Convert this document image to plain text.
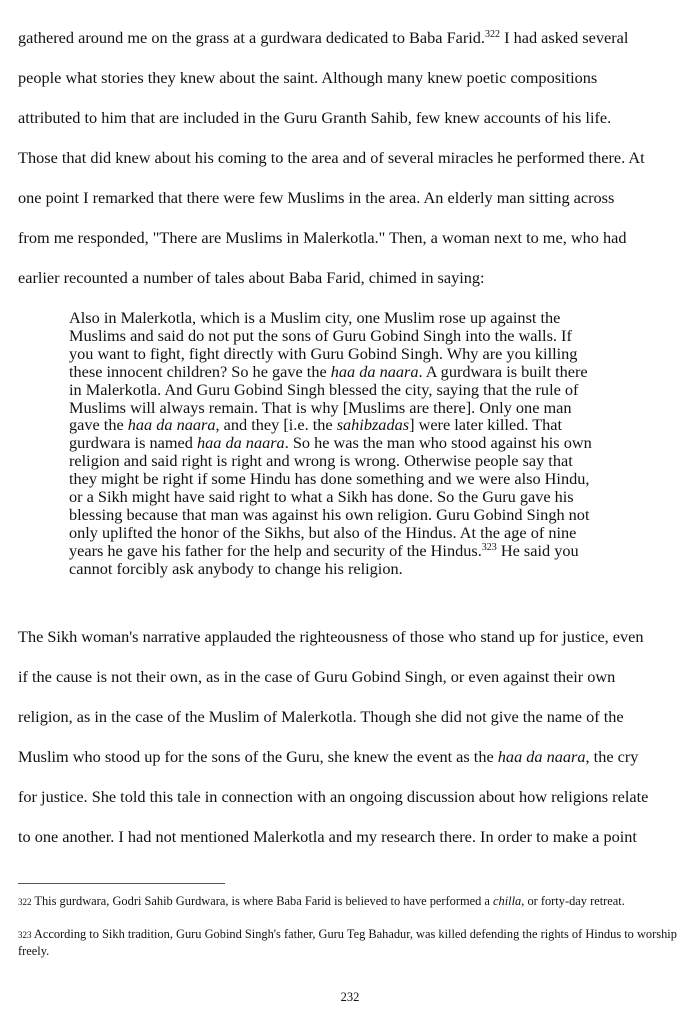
gathered around me on the grass at a gurdwara dedicated to Baba Farid.$^{322}$ I had asked several
people what stories they knew about the saint. Although many knew poetic compositions
attributed to him that are included in the Guru Granth Sahib, few knew accounts of his life.
Those that did knew about his coming to the area and of several miracles he performed there. At
one point I remarked that there were few Muslims in the area. An elderly man sitting across
from me responded, "There are Muslims in Malerkotla." Then, a woman next to me, who had
earlier recounted a number of tales about Baba Farid, chimed in saying:
Also in Malerkotla, which is a Muslim city, one Muslim rose up against the
Muslims and said do not put the sons of Guru Gobind Singh into the walls. If
you want to fight, fight directly with Guru Gobind Singh. Why are you killing
these innocent children? So he gave the haa da naara. A gurdwara is built there
in Malerkotla. And Guru Gobind Singh blessed the city, saying that the rule of
Muslims will always remain. That is why [Muslims are there]. Only one man
gave the haa da naara, and they [i.e. the sahibzadas] were later killed. That
gurdwara is named haa da naara. So he was the man who stood against his own
religion and said right is right and wrong is wrong. Otherwise people say that
they might be right if some Hindu has done something and we were also Hindu,
or a Sikh might have said right to what a Sikh has done. So the Guru gave his
blessing because that man was against his own religion. Guru Gobind Singh not
only uplifted the honor of the Sikhs, but also of the Hindus. At the age of nine
years he gave his father for the help and security of the Hindus.$^{323}$ He said you
cannot forcibly ask anybody to change his religion.
The Sikh woman's narrative applauded the righteousness of those who stand up for justice, even
if the cause is not their own, as in the case of Guru Gobind Singh, or even against their own
religion, as in the case of the Muslim of Malerkotla. Though she did not give the name of the
Muslim who stood up for the sons of the Guru, she knew the event as the haa da naara, the cry
for justice. She told this tale in connection with an ongoing discussion about how religions relate
to one another. I had not mentioned Malerkotla and my research there. In order to make a point
322 This gurdwara, Godri Sahib Gurdwara, is where Baba Farid is believed to have performed a chilla, or forty-day retreat.
323 According to Sikh tradition, Guru Gobind Singh's father, Guru Teg Bahadur, was killed defending the rights of Hindus to worship freely.
232
